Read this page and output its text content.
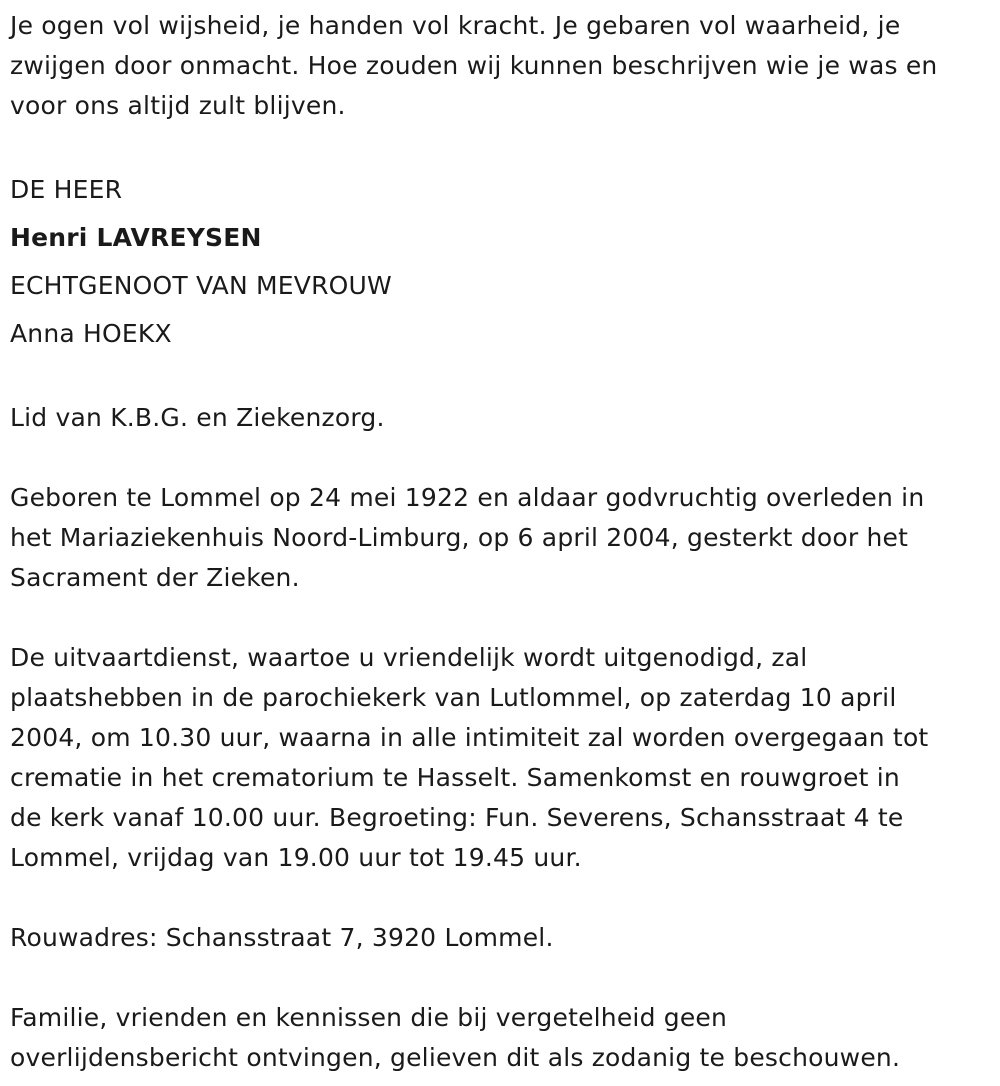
Je ogen vol wijsheid, je handen vol kracht. Je gebaren vol waarheid, je
zwijgen door onmacht. Hoe zouden wij kunnen beschrijven wie je was en
voor ons altijd zult blijven.
DE HEER
Henri LAVREYSEN
ECHTGENOOT VAN MEVROUW
Anna HOEKX
Lid van K.B.G. en Ziekenzorg.
Geboren te Lommel op 24 mei 1922 en aldaar godvruchtig overleden in
het Mariaziekenhuis Noord-Limburg, op 6 april 2004, gesterkt door het
Sacrament der Zieken.
De uitvaartdienst, waartoe u vriendelijk wordt uitgenodigd, zal
plaatshebben in de parochiekerk van Lutlommel, op zaterdag 10 april
2004, om 10.30 uur, waarna in alle intimiteit zal worden overgegaan tot
crematie in het crematorium te Hasselt. Samenkomst en rouwgroet in
de kerk vanaf 10.00 uur. Begroeting: Fun. Severens, Schansstraat 4 te
Lommel, vrijdag van 19.00 uur tot 19.45 uur.
Rouwadres: Schansstraat 7, 3920 Lommel.
Familie, vrienden en kennissen die bij vergetelheid geen
overlijdensbericht ontvingen, gelieven dit als zodanig te beschouwen.
